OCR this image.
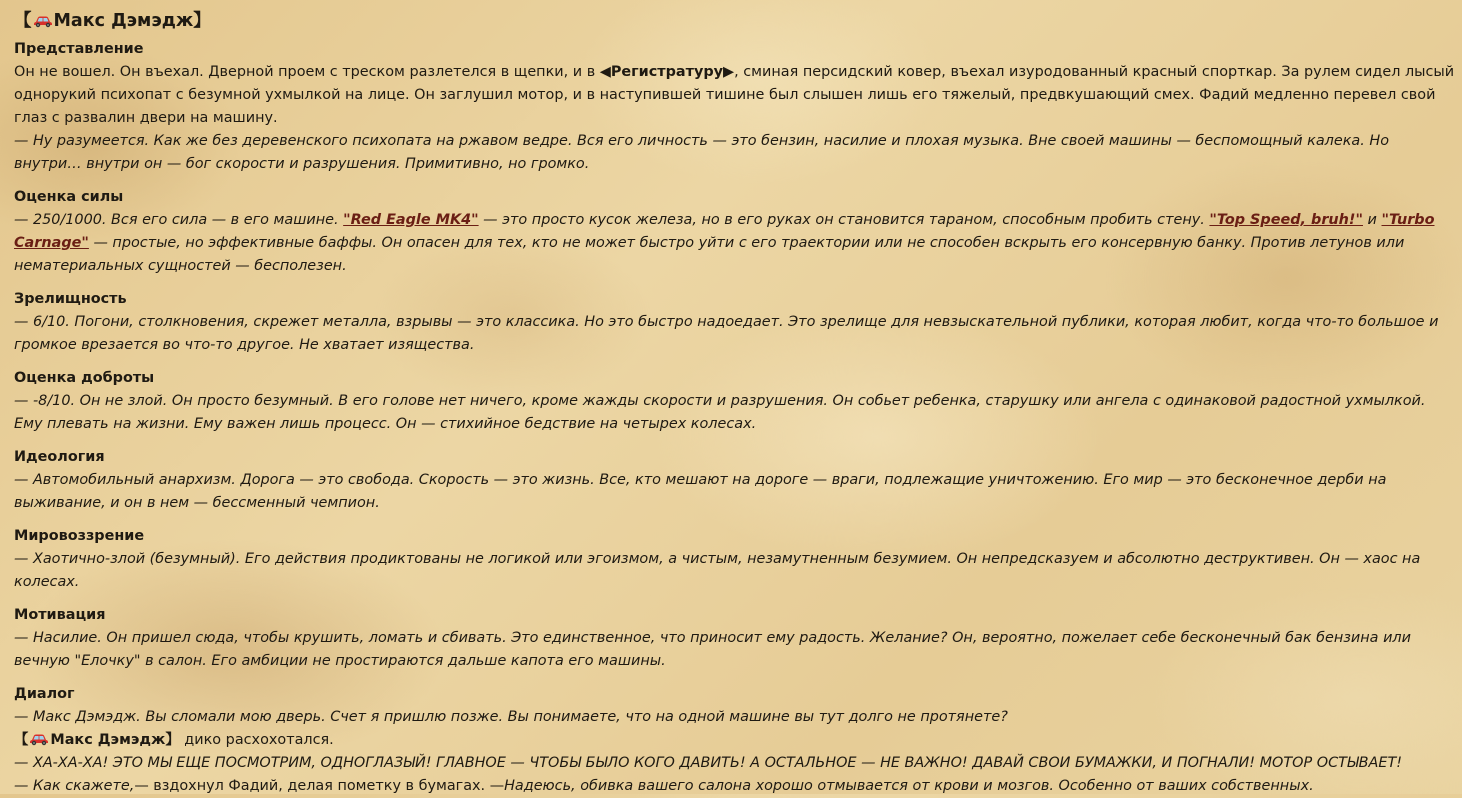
【 Макс Дэмэдж 】
Представление
Он не вошел. Он въехал. Дверной проем с треском разлетелся в щепки, и в ◀Регистратуру▶, сминая персидский ковер, въехал изуродованный красный спорткар. За рулем сидел лысый однорукий психопат с безумной ухмылкой на лице. Он заглушил мотор, и в наступившей тишине был слышен лишь его тяжелый, предвкушающий смех. Фадий медленно перевел свой глаз с развалин двери на машину.
— Ну разумеется. Как же без деревенского психопата на ржавом ведре. Вся его личность — это бензин, насилие и плохая музыка. Вне своей машины — беспомощный калека. Но внутри… внутри он — бог скорости и разрушения. Примитивно, но громко.
Оценка силы
— 250/1000. Вся его сила — в его машине. "Red Eagle MK4" — это просто кусок железа, но в его руках он становится тараном, способным пробить стену. "Top Speed, bruh!" и "Turbo Carnage" — простые, но эффективные баффы. Он опасен для тех, кто не может быстро уйти с его траектории или не способен вскрыть его консервную банку. Против летунов или нематериальных сущностей — бесполезен.
Зрелищность
— 6/10. Погони, столкновения, скрежет металла, взрывы — это классика. Но это быстро надоедает. Это зрелище для невзыскательной публики, которая любит, когда что-то большое и громкое врезается во что-то другое. Не хватает изящества.
Оценка доброты
— -8/10. Он не злой. Он просто безумный. В его голове нет ничего, кроме жажды скорости и разрушения. Он собьет ребенка, старушку или ангела с одинаковой радостной ухмылкой. Ему плевать на жизни. Ему важен лишь процесс. Он — стихийное бедствие на четырех колесах.
Идеология
— Автомобильный анархизм. Дорога — это свобода. Скорость — это жизнь. Все, кто мешают на дороге — враги, подлежащие уничтожению. Его мир — это бесконечное дерби на выживание, и он в нем — бессменный чемпион.
Мировоззрение
— Хаотично-злой (безумный). Его действия продиктованы не логикой или эгоизмом, а чистым, незамутненным безумием. Он непредсказуем и абсолютно деструктивен. Он — хаос на колесах.
Мотивация
— Насилие. Он пришел сюда, чтобы крушить, ломать и сбивать. Это единственное, что приносит ему радость. Желание? Он, вероятно, пожелает себе бесконечный бак бензина или вечную "Елочку" в салон. Его амбиции не простираются дальше капота его машины.
Диалог
— Макс Дэмэдж. Вы сломали мою дверь. Счет я пришлю позже. Вы понимаете, что на одной машине вы тут долго не протянете?
【 Макс Дэмэдж】 дико расхохотался.
— ХА-ХА-ХА! ЭТО МЫ ЕЩЕ ПОСМОТРИМ, ОДНОГЛАЗЫЙ! ГЛАВНОЕ — ЧТОБЫ БЫЛО КОГО ДАВИТЬ! А ОСТАЛЬНОЕ — НЕ ВАЖНО! ДАВАЙ СВОИ БУМАЖКИ, И ПОГНАЛИ! МОТОР ОСТЫВАЕТ!
— Как скажете,— вздохнул Фадий, делая пометку в бумагах. —Надеюсь, обивка вашего салона хорошо отмывается от крови и мозгов. Особенно от ваших собственных.
